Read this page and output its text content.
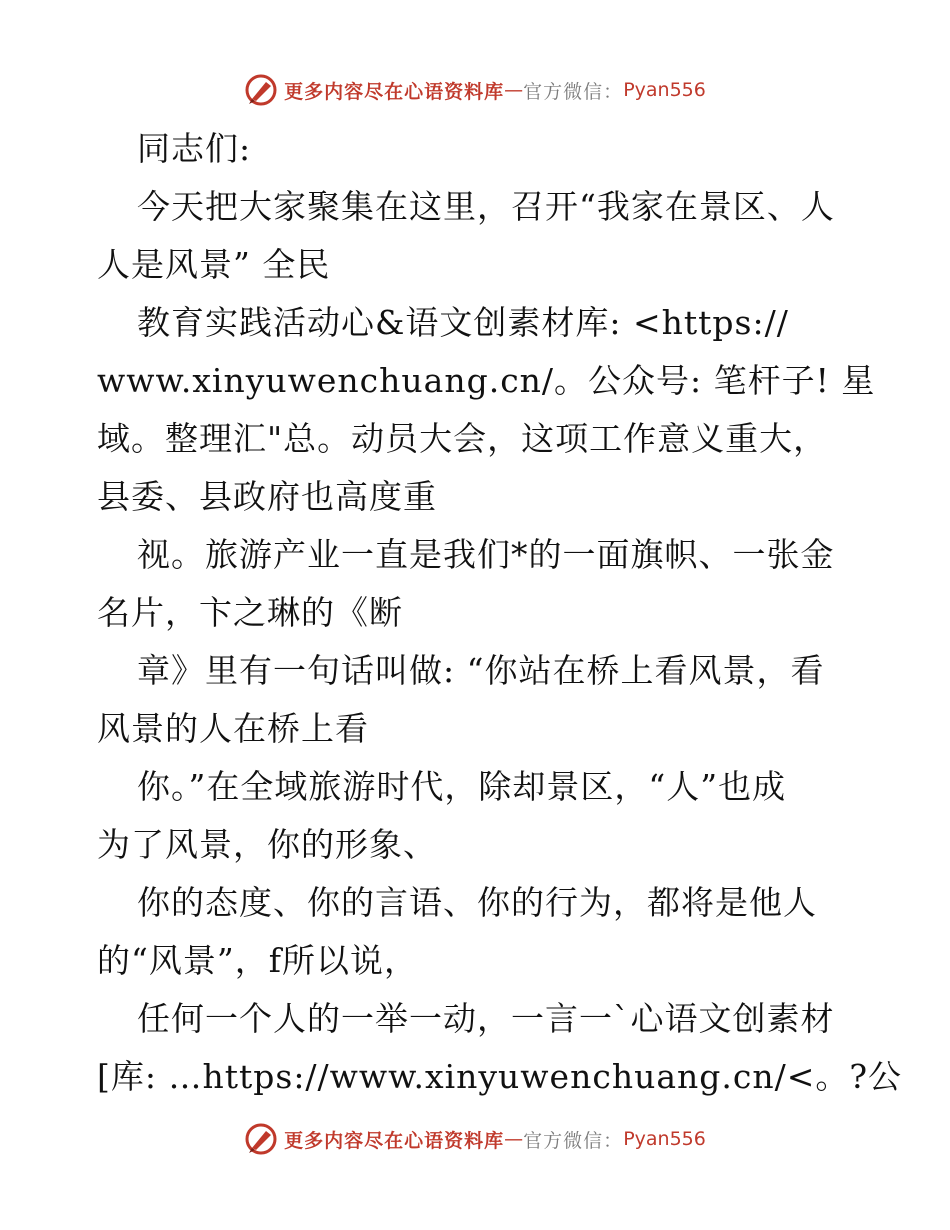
更多内容尽在心语资料库 — 官方微信： Pyan556
同志们:
今天把大家聚集在这里，召开“我家在景区、人
人是风景” 全民
教育实践活动心&语文创素材库: <https://
www.xinyuwenchuang.cn/。公众号: 笔杆子! 星
域。整理汇"总。动员大会，这项工作意义重大，
县委、县政府也高度重
视。旅游产业一直是我们*的一面旗帜、一张金
名片，卞之琳的《断
章》里有一句话叫做: “你站在桥上看风景，看
风景的人在桥上看
你。”在全域旅游时代，除却景区，“人”也成
为了风景，你的形象、
你的态度、你的言语、你的行为，都将是他人
的“风景”，f所以说，
任何一个人的一举一动，一言一`心语文创素材
[库: …https://www.xinyuwenchuang.cn/<。?公
更多内容尽在心语资料库 — 官方微信： Pyan556
